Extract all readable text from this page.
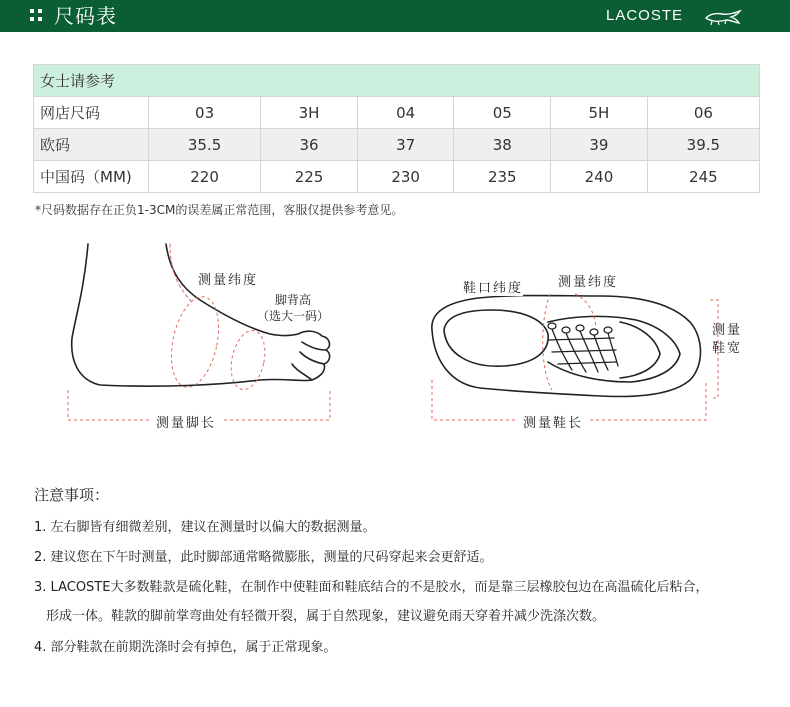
尺码表	LACOSTE
女士请参考						
网店尺码	03	3H	04	05	5H	06
欧码	35.5	36	37	38	39	39.5
中国码（MM)	220	225	230	235	240	245
*尺码数据存在正负1-3CM的误差属正常范围，客服仅提供参考意见。
测量纬度
脚背高
（选大一码）
测量脚长
鞋口纬度	测量纬度
测量
鞋宽
测量鞋长
注意事项：
1. 左右脚皆有细微差别，建议在测量时以偏大的数据测量。
2. 建议您在下午时测量，此时脚部通常略微膨胀，测量的尺码穿起来会更舒适。
3. LACOSTE大多数鞋款是硫化鞋，在制作中使鞋面和鞋底结合的不是胶水，而是靠三层橡胶包边在高温硫化后粘合，
形成一体。鞋款的脚前掌弯曲处有轻微开裂，属于自然现象，建议避免雨天穿着并减少洗涤次数。
4. 部分鞋款在前期洗涤时会有掉色，属于正常现象。
